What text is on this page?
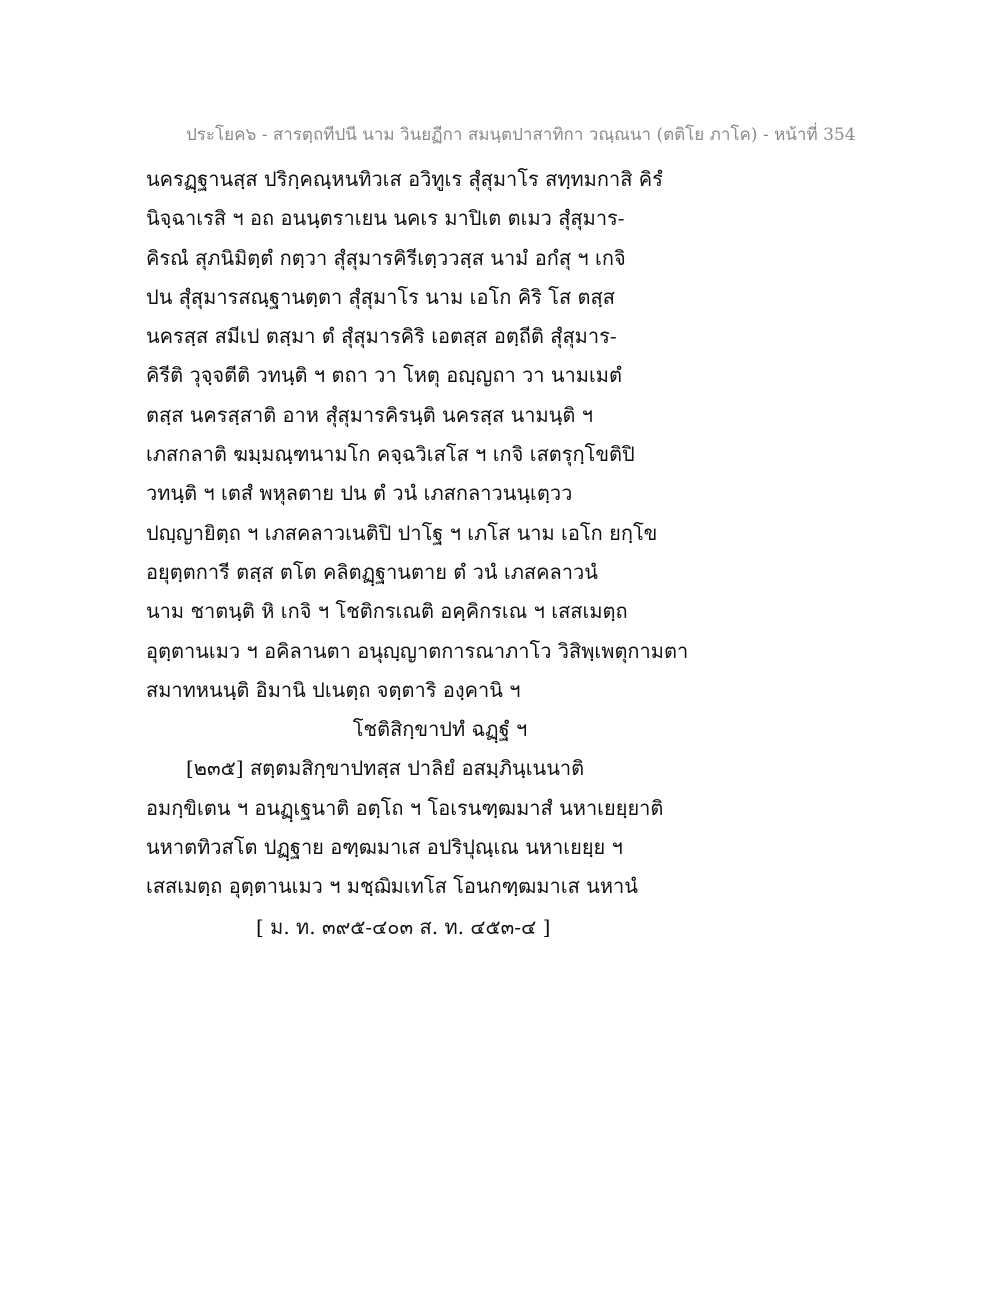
ประโยค๖ - สารตฺถทีปนี นาม วินยฏีกา สมนฺตปาสาทิกา วณฺณนา (ตติโย ภาโค) - หน้าที่ 354
นครฏฺฐานสฺส ปริกฺคณฺหนทิวเส อวิทูเร สุํสุมาโร สทฺทมกาสิ คิรํ
นิจฺฉาเรสิ ฯ อถ อนนฺตราเยน นคเร มาปิเต ตเมว สุํสุมาร-
คิรณํ สุภนิมิตฺตํ กตฺวา สุํสุมารคิรีเตฺววสฺส นามํ อกํสุ ฯ เกจิ
ปน สุํสุมารสณฺฐานตฺตา สุํสุมาโร นาม เอโก คิริ โส ตสฺส
นครสฺส สมีเป ตสฺมา ตํ สุํสุมารคิริ เอตสฺส อตฺถีติ สุํสุมาร-
คิรีติ วุจฺจตีติ วทนฺติ ฯ ตถา วา โหตุ อญฺญถา วา นามเมตํ
ตสฺส นครสฺสาติ อาห สุํสุมารคิรนฺติ นครสฺส นามนฺติ ฯ
เภสกลาติ ฆมฺมณฺฑนามโก คจฺฉวิเสโส ฯ เกจิ เสตรุกฺโขติปิ
วทนฺติ ฯ เตสํ พหุลตาย ปน ตํ วนํ เภสกลาวนนฺเตฺวว
ปญฺญายิตฺถ ฯ เภสคลาวเนติปิ ปาโฐ ฯ เภโส นาม เอโก ยกฺโข
อยุตฺตการี ตสฺส ตโต คลิตฏฺฐานตาย ตํ วนํ เภสคลาวนํ
นาม ชาตนฺติ หิ เกจิ ฯ โชติกรเณติ อคฺคิกรเณ ฯ เสสเมตฺถ
อุตฺตานเมว ฯ อคิลานตา อนุญฺญาตการณาภาโว วิสิพฺเพตุกามตา
สมาทหนนฺติ อิมานิ ปเนตฺถ จตฺตาริ องฺคานิ ฯ
โชติสิกฺขาปทํ ฉฏฺฐํ ฯ
[๒๓๕] สตฺตมสิกฺขาปทสฺส ปาลิยํ อสมฺภินฺเนนาติ
อมกฺขิเตน ฯ อนฏฺเฐนาติ อตฺโถ ฯ โอเรนฑฺฒมาสํ นหาเยยฺยาติ
นหาตทิวสโต ปฏฺฐาย อฑฺฒมาเส อปริปุณฺเณ นหาเยยฺย ฯ
เสสเมตฺถ อุตฺตานเมว ฯ มชฺฌิมเทโส โอนกฑฺฒมาเส นหานํ
[ ม. ท. ๓๙๕-๔๐๓ ส. ท. ๔๕๓-๔ ]
